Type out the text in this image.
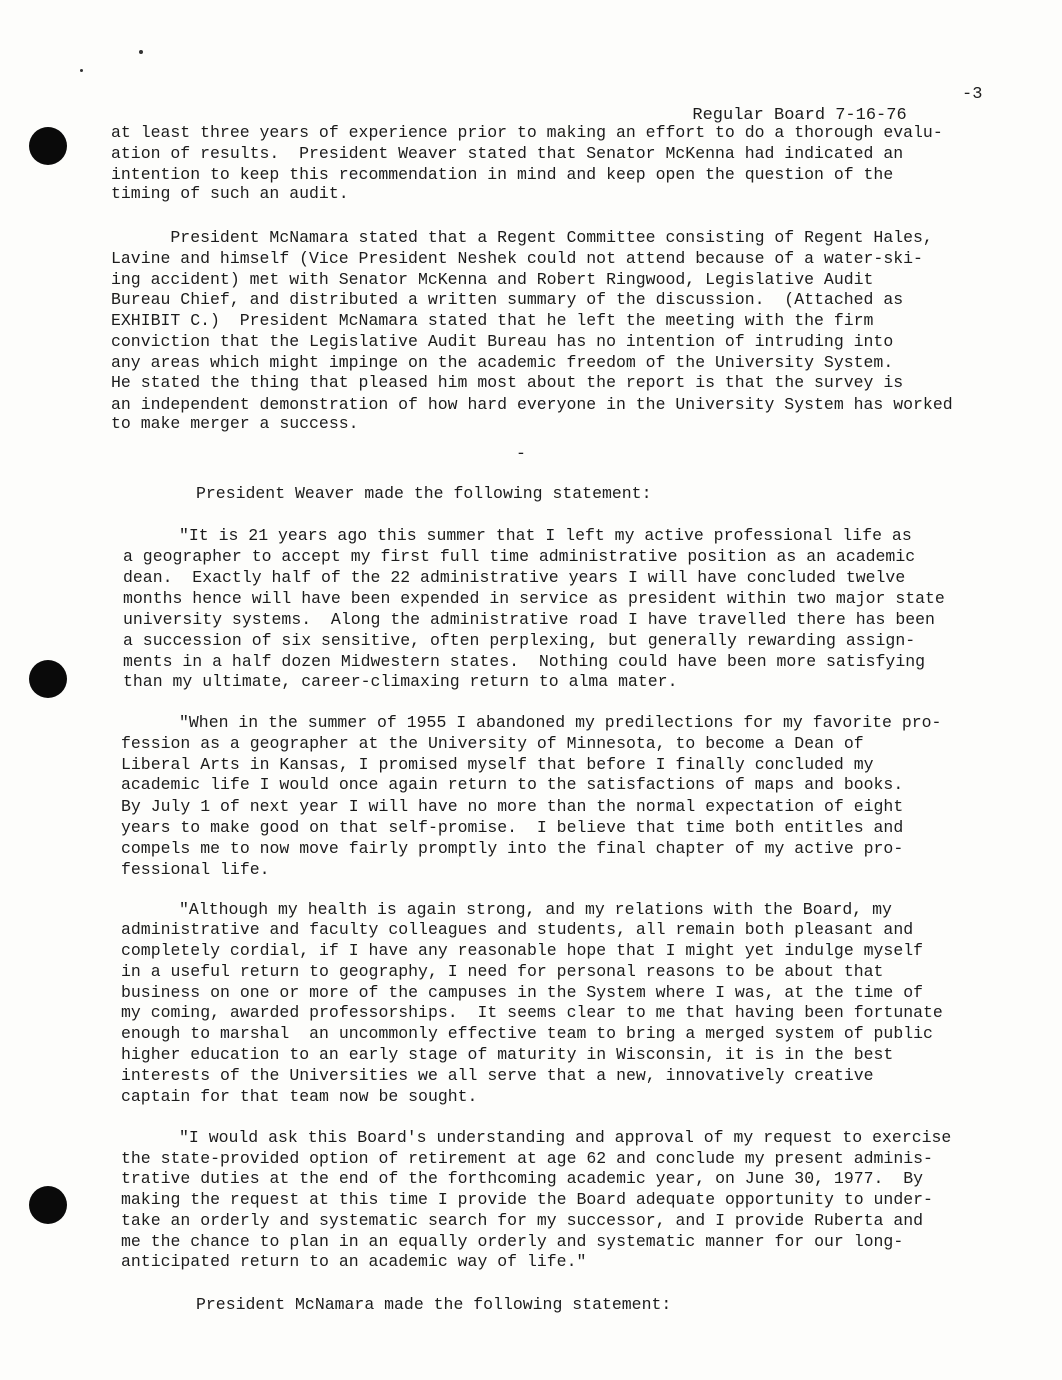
Regular Board 7-16-76

-3

at least three years of experience prior to making an effort to do a thorough evalu-
ation of results.  President Weaver stated that Senator McKenna had indicated an
intention to keep this recommendation in mind and keep open the question of the
timing of such an audit.
President McNamara stated that a Regent Committee consisting of Regent Hales,
Lavine and himself (Vice President Neshek could not attend because of a water-ski-
ing accident) met with Senator McKenna and Robert Ringwood, Legislative Audit
Bureau Chief, and distributed a written summary of the discussion.  (Attached as
EXHIBIT C.)  President McNamara stated that he left the meeting with the firm
conviction that the Legislative Audit Bureau has no intention of intruding into
any areas which might impinge on the academic freedom of the University System.
He stated the thing that pleased him most about the report is that the survey is
an independent demonstration of how hard everyone in the University System has worked
to make merger a success.
-
President Weaver made the following statement:
"It is 21 years ago this summer that I left my active professional life as
a geographer to accept my first full time administrative position as an academic
dean.  Exactly half of the 22 administrative years I will have concluded twelve
months hence will have been expended in service as president within two major state
university systems.  Along the administrative road I have travelled there has been
a succession of six sensitive, often perplexing, but generally rewarding assign-
ments in a half dozen Midwestern states.  Nothing could have been more satisfying
than my ultimate, career-climaxing return to alma mater.
"When in the summer of 1955 I abandoned my predilections for my favorite pro-
fession as a geographer at the University of Minnesota, to become a Dean of
Liberal Arts in Kansas, I promised myself that before I finally concluded my
academic life I would once again return to the satisfactions of maps and books.
By July 1 of next year I will have no more than the normal expectation of eight
years to make good on that self-promise.  I believe that time both entitles and
compels me to now move fairly promptly into the final chapter of my active pro-
fessional life.
"Although my health is again strong, and my relations with the Board, my
administrative and faculty colleagues and students, all remain both pleasant and
completely cordial, if I have any reasonable hope that I might yet indulge myself
in a useful return to geography, I need for personal reasons to be about that
business on one or more of the campuses in the System where I was, at the time of
my coming, awarded professorships.  It seems clear to me that having been fortunate
enough to marshal  an uncommonly effective team to bring a merged system of public
higher education to an early stage of maturity in Wisconsin, it is in the best
interests of the Universities we all serve that a new, innovatively creative
captain for that team now be sought.
"I would ask this Board's understanding and approval of my request to exercise
the state-provided option of retirement at age 62 and conclude my present adminis-
trative duties at the end of the forthcoming academic year, on June 30, 1977.  By
making the request at this time I provide the Board adequate opportunity to under-
take an orderly and systematic search for my successor, and I provide Ruberta and
me the chance to plan in an equally orderly and systematic manner for our long-
anticipated return to an academic way of life."
President McNamara made the following statement:
